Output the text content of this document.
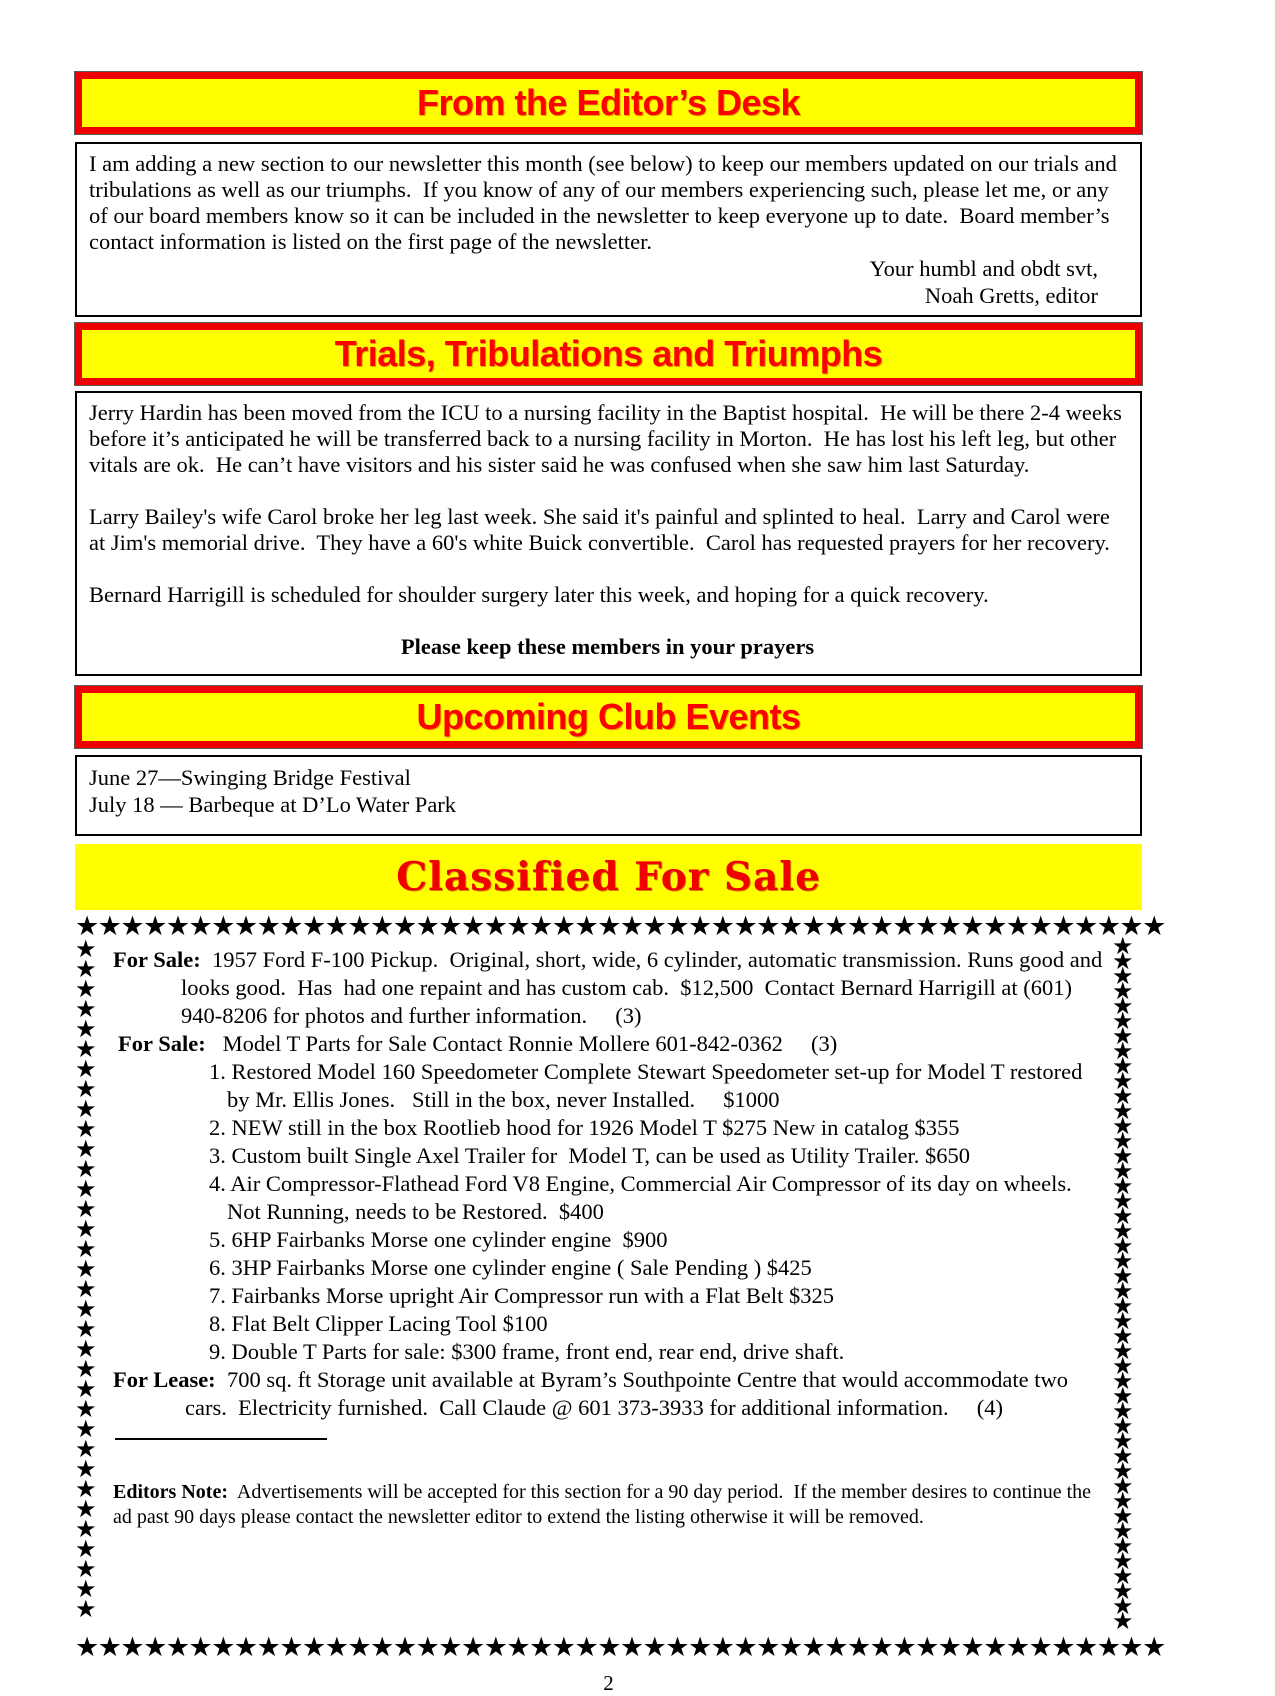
From the Editor’s Desk
I am adding a new section to our newsletter this month (see below) to keep our members updated on our trials and tribulations as well as our triumphs.  If you know of any of our members experiencing such, please let me, or any of our board members know so it can be included in the newsletter to keep everyone up to date.  Board member’s contact information is listed on the first page of the newsletter.
Your humbl and obdt svt,
Noah Gretts, editor
Trials, Tribulations and Triumphs

Jerry Hardin has been moved from the ICU to a nursing facility in the Baptist hospital.  He will be there 2-4 weeks before it’s anticipated he will be transferred back to a nursing facility in Morton.  He has lost his left leg, but other vitals are ok.  He can’t have visitors and his sister said he was confused when she saw him last Saturday.

Larry Bailey's wife Carol broke her leg last week. She said it's painful and splinted to heal.  Larry and Carol were at Jim's memorial drive.  They have a 60's white Buick convertible.  Carol has requested prayers for her recovery.

Bernard Harrigill is scheduled for shoulder surgery later this week, and hoping for a quick recovery.

Please keep these members in your prayers

Upcoming Club Events
June 27—Swinging Bridge Festival
July 18 — Barbeque at D’Lo Water Park
Classified For Sale
★★★★★★★★★★★★★★★★★★★★★★★★★★★★★★★★★★★★★★★★★★★★★★★★
★★★★★★★★★★★★★★★★★★★★★★★★★★★★★★★★★★
For Sale:  1957 Ford F-100 Pickup.  Original, short, wide, 6 cylinder, automatic transmission. Runs good and looks good.  Has  had one repaint and has custom cab.  $12,500  Contact Bernard Harrigill at (601) 940-8206 for photos and further information.     (3)
For Sale:   Model T Parts for Sale Contact Ronnie Mollere 601-842-0362     (3)
1. Restored Model 160 Speedometer Complete Stewart Speedometer set-up for Model T restored by Mr. Ellis Jones.   Still in the box, never Installed.     $1000
2. NEW still in the box Rootlieb hood for 1926 Model T $275 New in catalog $355
3. Custom built Single Axel Trailer for  Model T, can be used as Utility Trailer. $650
4. Air Compressor-Flathead Ford V8 Engine, Commercial Air Compressor of its day on wheels.  Not Running, needs to be Restored.  $400
5. 6HP Fairbanks Morse one cylinder engine  $900
6. 3HP Fairbanks Morse one cylinder engine ( Sale Pending ) $425
7. Fairbanks Morse upright Air Compressor run with a Flat Belt $325
8. Flat Belt Clipper Lacing Tool $100
9. Double T Parts for sale: $300 frame, front end, rear end, drive shaft.
For Lease:  700 sq. ft Storage unit available at Byram’s Southpointe Centre that would accommodate two cars.  Electricity furnished.  Call Claude @ 601 373-3933 for additional information.     (4)
Editors Note:  Advertisements will be accepted for this section for a 90 day period.  If the member desires to continue the ad past 90 days please contact the newsletter editor to extend the listing otherwise it will be removed.
★★★★★★★★★★★★★★★★★★★★★★★★★★★★★★★★★★★★★★★★★★★★★★
★★★★★★★★★★★★★★★★★★★★★★★★★★★★★★★★★★★★★★★★★★★★★★★★
2
